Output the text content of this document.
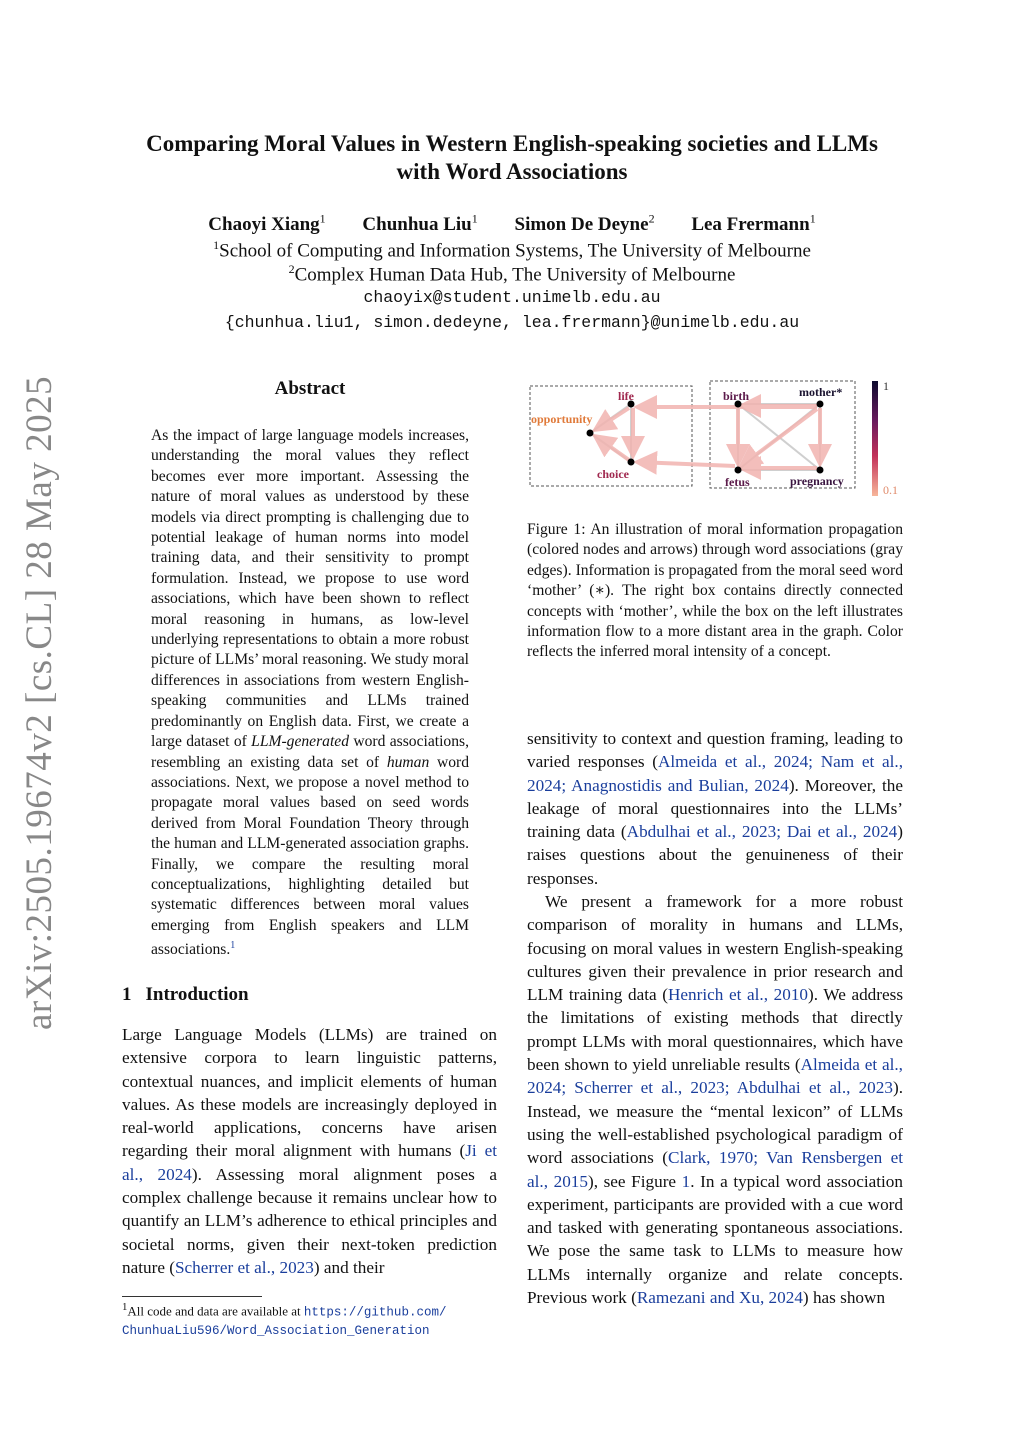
arXiv:2505.19674v2 [cs.CL] 28 May 2025
Comparing Moral Values in Western English-speaking societies and LLMs
with Word Associations
Chaoyi Xiang$^1$ Chunhua Liu$^1$ Simon De Deyne$^2$ Lea Frermann$^1$
$^1$School of Computing and Information Systems, The University of Melbourne
$^2$Complex Human Data Hub, The University of Melbourne
chaoyix@student.unimelb.edu.au
{chunhua.liu1, simon.dedeyne, lea.frermann}@unimelb.edu.au
Abstract
As the impact of large language models increases, understanding the moral values they reflect becomes ever more important. Assessing the nature of moral values as understood by these models via direct prompting is challenging due to potential leakage of human norms into model training data, and their sensitivity to prompt formulation. Instead, we propose to use word associations, which have been shown to reflect moral reasoning in humans, as low-level underlying representations to obtain a more robust picture of LLMs’ moral reasoning. We study moral differences in associations from western English-speaking communities and LLMs trained predominantly on English data. First, we create a large dataset of LLM-generated word associations, resembling an existing data set of human word associations. Next, we propose a novel method to propagate moral values based on seed words derived from Moral Foundation Theory through the human and LLM-generated association graphs. Finally, we compare the resulting moral conceptualizations, highlighting detailed but systematic differences between moral values emerging from English speakers and LLM associations.$^1$
opportunity
life
choice
birth	mother*
fetus	pregnancy
1
0.1
Figure 1: An illustration of moral information propagation (colored nodes and arrows) through word associations (gray edges). Information is propagated from the moral seed word ‘mother’ (∗). The right box contains directly connected concepts with ‘mother’, while the box on the left illustrates information flow to a more distant area in the graph. Color reflects the inferred moral intensity of a concept.
1 Introduction
Large Language Models (LLMs) are trained on extensive corpora to learn linguistic patterns, contextual nuances, and implicit elements of human values. As these models are increasingly deployed in real-world applications, concerns have arisen regarding their moral alignment with humans (Ji et al., 2024). Assessing moral alignment poses a complex challenge because it remains unclear how to quantify an LLM’s adherence to ethical principles and societal norms, given their next-token prediction nature (Scherrer et al., 2023) and their
sensitivity to context and question framing, leading to varied responses (Almeida et al., 2024; Nam et al., 2024; Anagnostidis and Bulian, 2024). Moreover, the leakage of moral questionnaires into the LLMs’ training data (Abdulhai et al., 2023; Dai et al., 2024) raises questions about the genuineness of their responses.
We present a framework for a more robust comparison of morality in humans and LLMs, focusing on moral values in western English-speaking cultures given their prevalence in prior research and LLM training data (Henrich et al., 2010). We address the limitations of existing methods that directly prompt LLMs with moral questionnaires, which have been shown to yield unreliable results (Almeida et al., 2024; Scherrer et al., 2023; Abdulhai et al., 2023). Instead, we measure the “mental lexicon” of LLMs using the well-established psychological paradigm of word associations (Clark, 1970; Van Rensbergen et al., 2015), see Figure 1. In a typical word association experiment, participants are provided with a cue word and tasked with generating spontaneous associations. We pose the same task to LLMs to measure how LLMs internally organize and relate concepts. Previous work (Ramezani and Xu, 2024) has shown
$^1$All code and data are available at https://github.com/
ChunhuaLiu596/Word_Association_Generation
